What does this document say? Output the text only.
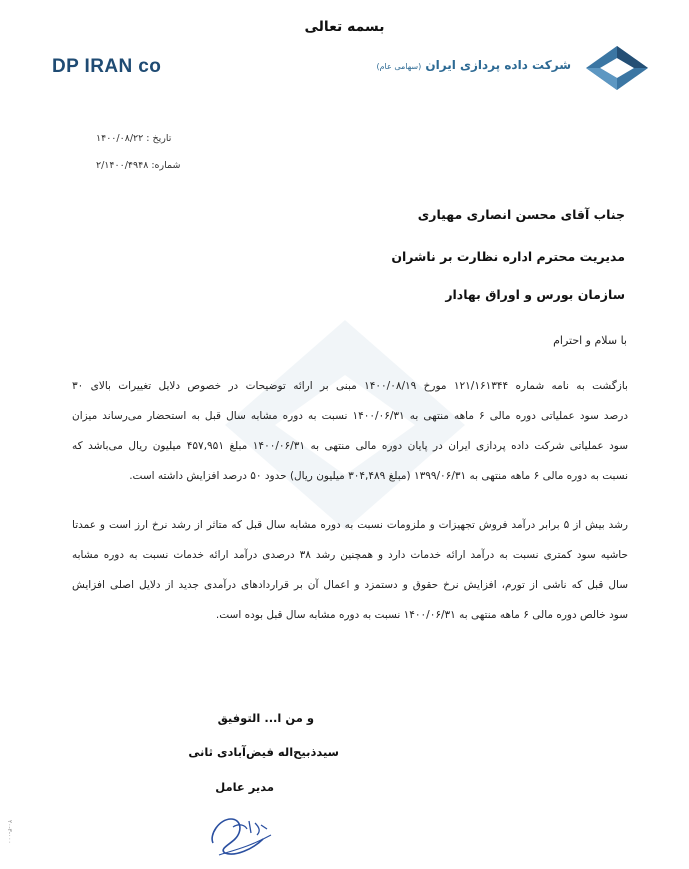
بسمه تعالی
DP IRAN co	شرکت داده پردازی ایران (سهامی عام)
تاریخ : ۱۴۰۰/۰۸/۲۲
شماره: ۲/۱۴۰۰/۴۹۴۸
جناب آقای محسن انصاری مهیاری
مدیریت محترم اداره نظارت بر ناشران
سازمان بورس و اوراق بهادار
با سلام و احترام
بازگشت به نامه شماره ۱۲۱/۱۶۱۳۴۴ مورخ ۱۴۰۰/۰۸/۱۹ مبنی بر ارائه توضیحات در خصوص دلایل تغییرات بالای ۳۰
درصد سود عملیاتی دوره مالی ۶ ماهه منتهی به ۱۴۰۰/۰۶/۳۱ نسبت به دوره مشابه سال قبل به استحضار می‌رساند میزان
سود عملیاتی شرکت داده پردازی ایران در پایان دوره مالی منتهی به ۱۴۰۰/۰۶/۳۱ مبلغ ۴۵۷,۹۵۱ میلیون ریال می‌باشد که
نسبت به دوره مالی ۶ ماهه منتهی به ۱۳۹۹/۰۶/۳۱ (مبلغ ۳۰۴,۴۸۹ میلیون ریال) حدود ۵۰ درصد افزایش داشته است.
رشد بیش از ۵ برابر درآمد فروش تجهیزات و ملزومات نسبت به دوره مشابه سال قبل که متاثر از رشد نرخ ارز است و عمدتا
حاشیه سود کمتری نسبت به درآمد ارائه خدمات دارد و همچنین رشد ۳۸ درصدی درآمد ارائه خدمات نسبت به دوره مشابه
سال قبل که ناشی از تورم، افزایش نرخ حقوق و دستمزد و اعمال آن بر قراردادهای درآمدی جدید از دلایل اصلی افزایش
سود خالص دوره مالی ۶ ماهه منتهی به ۱۴۰۰/۰۶/۳۱ نسبت به دوره مشابه سال قبل بوده است.
و من ا... التوفیق
سیدذبیح‌اله فیض‌آبادی ثانی
مدیر عامل
۲۰-۳-۰۰۰
